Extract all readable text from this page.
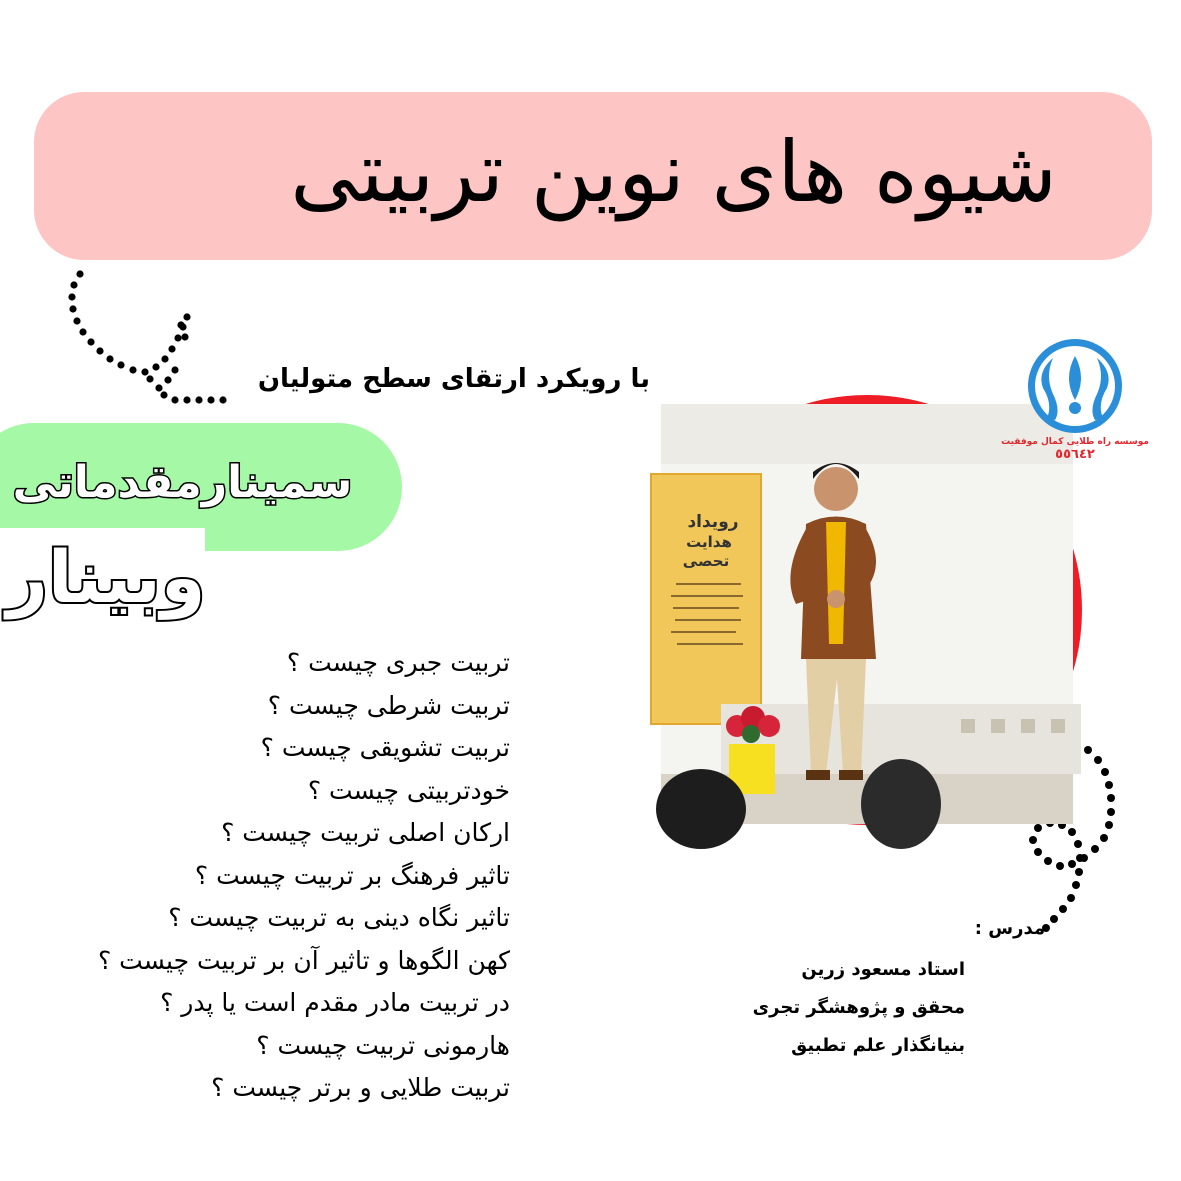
شیوه های نوین تربیتی
با رویکرد ارتقای سطح متولیان
سمینارمقدماتی
وبینار
تربیت جبری چیست ؟
تربیت شرطی چیست ؟
تربیت تشویقی چیست ؟
خودتربیتی چیست ؟
ارکان اصلی تربیت چیست ؟
تاثیر فرهنگ بر تربیت چیست ؟
تاثیر نگاه دینی به تربیت چیست ؟
کهن الگوها و تاثیر آن بر تربیت چیست ؟
در تربیت مادر مقدم است یا پدر ؟
هارمونی تربیت چیست ؟
تربیت طلایی و برتر چیست ؟
رویداد
هدایت
تحصی
موسسه راه طلایی کمال موفقیت
٥٥٦٤٢
مدرس :
استاد مسعود زرین
محقق و پژوهشگر تجری
بنیانگذار علم تطبیق
